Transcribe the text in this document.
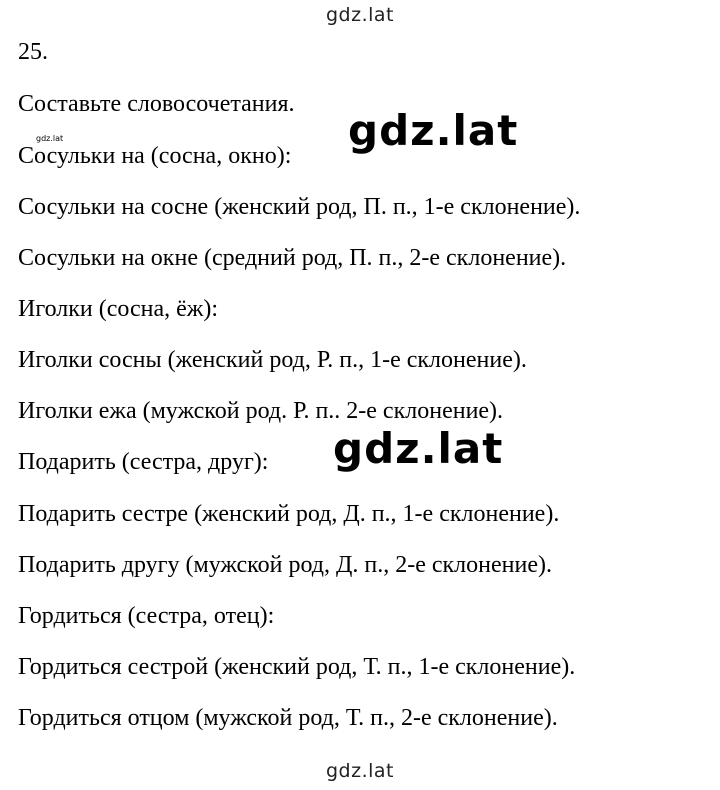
gdz.lat
25.
Составьте словосочетания.
Сосульки на (сосна, окно):
Сосульки на сосне (женский род, П. п., 1-е склонение).
Сосульки на окне (средний род, П. п., 2-е склонение).
Иголки (сосна, ёж):
Иголки сосны (женский род, Р. п., 1-е склонение).
Иголки ежа (мужской род. Р. п.. 2-е склонение).
Подарить (сестра, друг):
Подарить сестре (женский род, Д. п., 1-е склонение).
Подарить другу (мужской род, Д. п., 2-е склонение).
Гордиться (сестра, отец):
Гордиться сестрой (женский род, Т. п., 1-е склонение).
Гордиться отцом (мужской род, Т. п., 2-е склонение).
gdz.lat	gdz.lat
gdz.lat
gdz.lat
